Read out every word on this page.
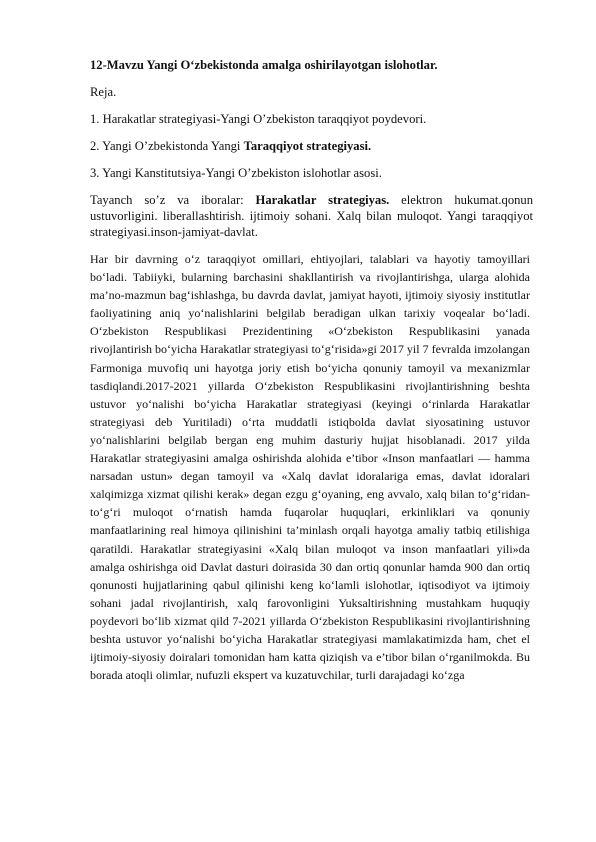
12-Mavzu Yangi O‘zbekistonda amalga oshirilayotgan islohotlar.

Reja.

1. Harakatlar strategiyasi-Yangi O’zbekiston taraqqiyot poydevori.

2. Yangi O’zbekistonda Yangi Taraqqiyot strategiyasi.

3. Yangi Kanstitutsiya-Yangi O’zbekiston islohotlar asosi.

Tayanch so’z va iboralar: Harakatlar strategiyas. elektron hukumat.qonun ustuvorligini. liberallashtirish. ijtimoiy sohani. Xalq bilan muloqot. Yangi taraqqiyot strategiyasi.inson-jamiyat-davlat.

Har bir davrning o‘z taraqqiyot omillari, ehtiyojlari, talablari va hayotiy tamoyillari bo‘ladi. Tabiiyki, bularning barchasini shakllantirish va rivojlantirishga, ularga alohida ma’no-mazmun bag‘ishlashga, bu davrda davlat, jamiyat hayoti, ijtimoiy siyosiy institutlar faoliyatining aniq yo‘nalishlarini belgilab beradigan ulkan tarixiy voqealar bo‘ladi. O‘zbekiston Respublikasi Prezidentining «O‘zbekiston Respublikasini yanada rivojlantirish bo‘yicha Harakatlar strategiyasi to‘g‘risida»gi 2017 yil 7 fevralda imzolangan Farmoniga muvofiq uni hayotga joriy etish bo‘yicha qonuniy tamoyil va mexanizmlar tasdiqlandi.2017-2021 yillarda O‘zbekiston Respublikasini rivojlantirishning beshta ustuvor yo‘nalishi bo‘yicha Harakatlar strategiyasi (keyingi o‘rinlarda Harakatlar strategiyasi deb Yuritiladi) o‘rta muddatli istiqbolda davlat siyosatining ustuvor yo‘nalishlarini belgilab bergan eng muhim dasturiy hujjat hisoblanadi. 2017 yilda Harakatlar strategiyasini amalga oshirishda alohida e’tibor «Inson manfaatlari — hamma narsadan ustun» degan tamoyil va «Xalq davlat idoralariga emas, davlat idoralari xalqimizga xizmat qilishi kerak» degan ezgu g‘oyaning, eng avvalo, xalq bilan to‘g‘ridan-to‘g‘ri muloqot o‘rnatish hamda fuqarolar huquqlari, erkinliklari va qonuniy manfaatlarining real himoya qilinishini ta’minlash orqali hayotga amaliy tatbiq etilishiga qaratildi. Harakatlar strategiyasini «Xalq bilan muloqot va inson manfaatlari yili»da amalga oshirishga oid Davlat dasturi doirasida 30 dan ortiq qonunlar hamda 900 dan ortiq qonunosti hujjatlarining qabul qilinishi keng ko‘lamli islohotlar, iqtisodiyot va ijtimoiy sohani jadal rivojlantirish, xalq farovonligini Yuksaltirishning mustahkam huquqiy poydevori bo‘lib xizmat qild 7-2021 yillarda O‘zbekiston Respublikasini rivojlantirishning beshta ustuvor yo‘nalishi bo‘yicha Harakatlar strategiyasi mamlakatimizda ham, chet el ijtimoiy-siyosiy doiralari tomonidan ham katta qiziqish va e’tibor bilan o‘rganilmokda. Bu borada atoqli olimlar, nufuzli ekspert va kuzatuvchilar, turli darajadagi ko‘zga
